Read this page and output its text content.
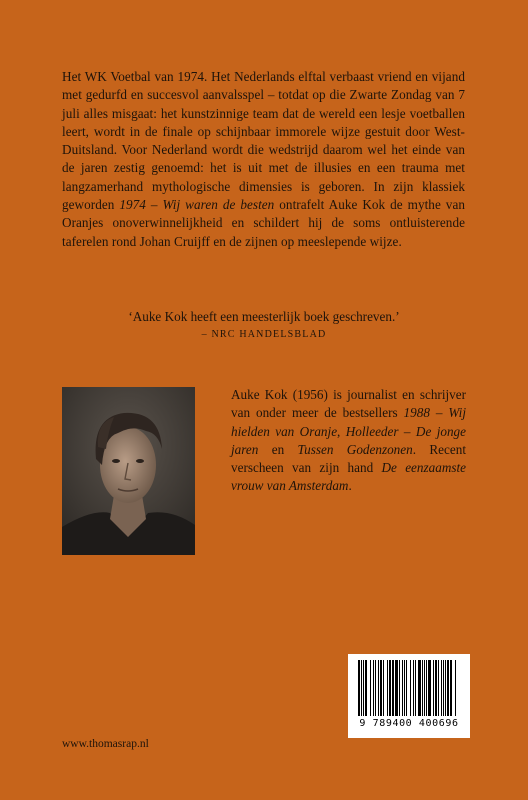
Het WK Voetbal van 1974. Het Nederlands elftal verbaast vriend en vijand met gedurfd en succesvol aanvalsspel – totdat op die Zwarte Zondag van 7 juli alles misgaat: het kunstzinnige team dat de wereld een lesje voetballen leert, wordt in de finale op schijnbaar immorele wijze gestuit door West-Duitsland. Voor Nederland wordt die wedstrijd daarom wel het einde van de jaren zestig genoemd: het is uit met de illusies en een trauma met langzamerhand mythologische dimensies is geboren. In zijn klassiek geworden 1974 – Wij waren de besten ontrafelt Auke Kok de mythe van Oranjes onoverwinnelijkheid en schildert hij de soms ontluisterende taferelen rond Johan Cruijff en de zijnen op meeslepende wijze.
‘Auke Kok heeft een meesterlijk boek geschreven.’
– NRC HANDELSBLAD
Auke Kok (1956) is journalist en schrijver van onder meer de bestsellers 1988 – Wij hielden van Oranje, Holleeder – De jonge jaren en Tussen Godenzonen. Recent verscheen van zijn hand De eenzaamste vrouw van Amsterdam.
9 789400 400696
www.thomasrap.nl
